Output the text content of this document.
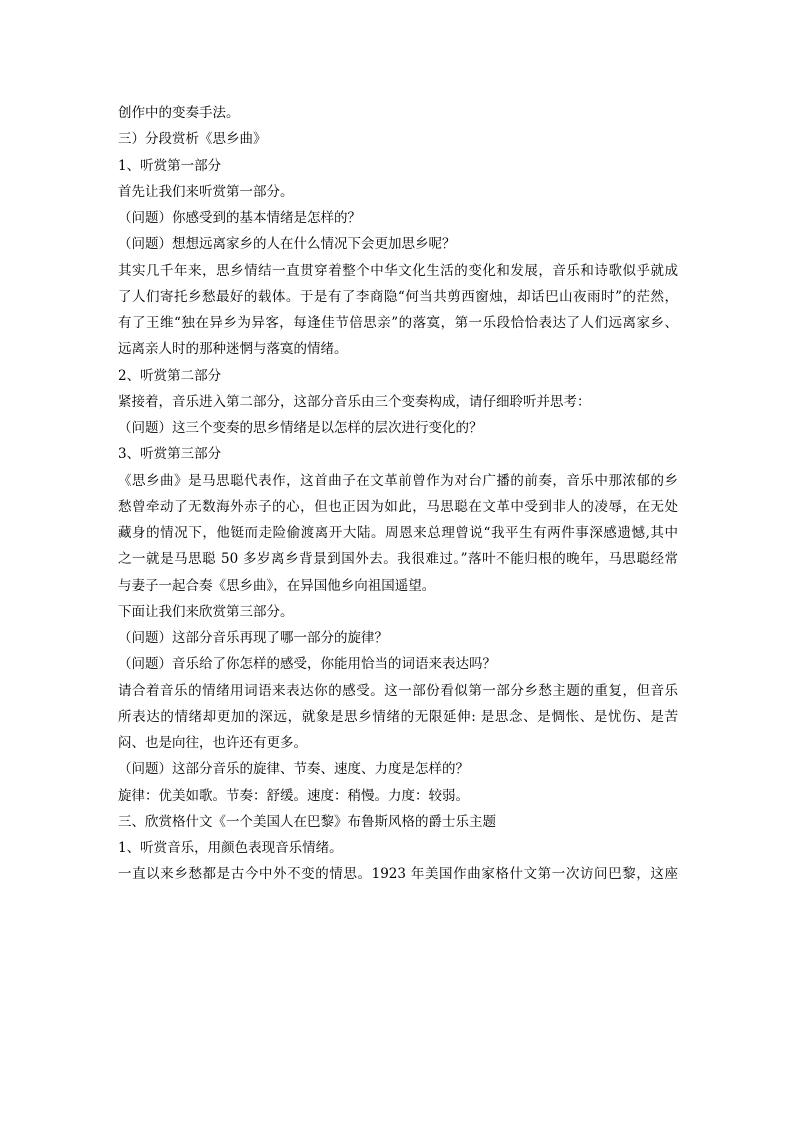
创作中的变奏手法。
三）分段赏析《思乡曲》
1、听赏第一部分
首先让我们来听赏第一部分。
（问题）你感受到的基本情绪是怎样的？
（问题）想想远离家乡的人在什么情况下会更加思乡呢？
其实几千年来，思乡情结一直贯穿着整个中华文化生活的变化和发展，音乐和诗歌似乎就成
了人们寄托乡愁最好的载体。于是有了李商隐“何当共剪西窗烛，却话巴山夜雨时”的茫然，
有了王维“独在异乡为异客，每逢佳节倍思亲”的落寞，第一乐段恰恰表达了人们远离家乡、
远离亲人时的那种迷惘与落寞的情绪。
2、听赏第二部分
紧接着，音乐进入第二部分，这部分音乐由三个变奏构成，请仔细聆听并思考：
（问题）这三个变奏的思乡情绪是以怎样的层次进行变化的？
3、听赏第三部分
《思乡曲》是马思聪代表作，这首曲子在文革前曾作为对台广播的前奏，音乐中那浓郁的乡
愁曾牵动了无数海外赤子的心，但也正因为如此，马思聪在文革中受到非人的凌辱，在无处
藏身的情况下，他铤而走险偷渡离开大陆。周恩来总理曾说“我平生有两件事深感遗憾,其中
之一就是马思聪 50 多岁离乡背景到国外去。我很难过。”落叶不能归根的晚年，马思聪经常
与妻子一起合奏《思乡曲》，在异国他乡向祖国遥望。
下面让我们来欣赏第三部分。
（问题）这部分音乐再现了哪一部分的旋律？
（问题）音乐给了你怎样的感受，你能用恰当的词语来表达吗？
请合着音乐的情绪用词语来表达你的感受。这一部份看似第一部分乡愁主题的重复，但音乐
所表达的情绪却更加的深远，就象是思乡情绪的无限延伸: 是思念、是惆怅、是忧伤、是苦
闷、也是向往，也许还有更多。
（问题）这部分音乐的旋律、节奏、速度、力度是怎样的？
旋律：优美如歌。节奏：舒缓。速度：稍慢。力度：较弱。
三、欣赏格什文《一个美国人在巴黎》布鲁斯风格的爵士乐主题
1、听赏音乐，用颜色表现音乐情绪。
一直以来乡愁都是古今中外不变的情思。1923 年美国作曲家格什文第一次访问巴黎，这座
